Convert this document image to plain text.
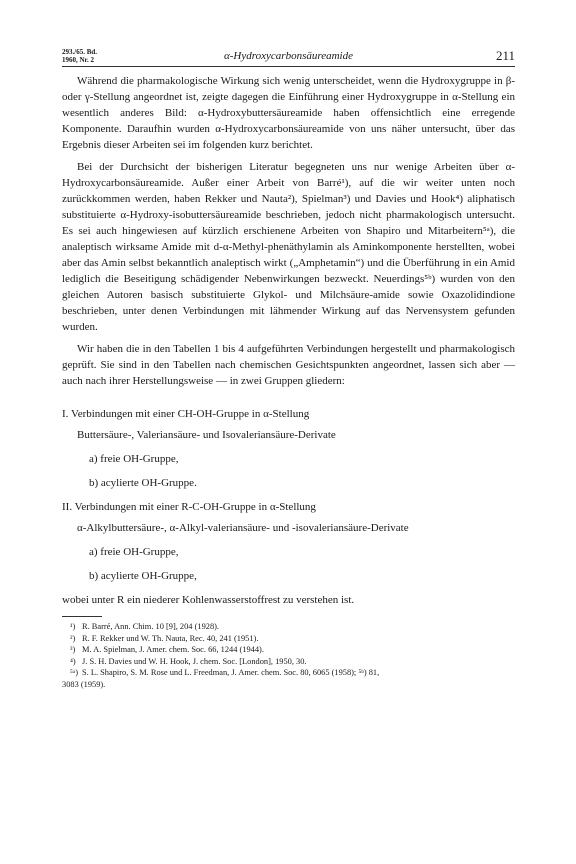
293./65. Bd.
1960, Nr. 2	α-Hydroxycarbonsäureamide	211

Während die pharmakologische Wirkung sich wenig unterscheidet, wenn die Hydroxygruppe in β- oder γ-Stellung angeordnet ist, zeigte dagegen die Einführung einer Hydroxygruppe in α-Stellung ein wesentlich anderes Bild: α-Hydroxybuttersäureamide haben offensichtlich eine erregende Komponente. Daraufhin wurden α-Hydroxycarbonsäureamide von uns näher untersucht, über das Ergebnis dieser Arbeiten sei im folgenden kurz berichtet.

Bei der Durchsicht der bisherigen Literatur begegneten uns nur wenige Arbeiten über α-Hydroxycarbonsäureamide. Außer einer Arbeit von Barré¹), auf die wir weiter unten noch zurückkommen werden, haben Rekker und Nauta²), Spielman³) und Davies und Hook⁴) aliphatisch substituierte α-Hydroxy-isobuttersäureamide beschrieben, jedoch nicht pharmakologisch untersucht. Es sei auch hingewiesen auf kürzlich erschienene Arbeiten von Shapiro und Mitarbeitern⁵ᵃ), die analeptisch wirksame Amide mit d-α-Methyl-phenäthylamin als Aminkomponente herstellten, wobei aber das Amin selbst bekanntlich analeptisch wirkt („Amphetamin“) und die Überführung in ein Amid lediglich die Beseitigung schädigender Nebenwirkungen bezweckt. Neuerdings⁵ᵇ) wurden von den gleichen Autoren basisch substituierte Glykol- und Milchsäure-amide sowie Oxazolidindione beschrieben, unter denen Verbindungen mit lähmender Wirkung auf das Nervensystem gefunden wurden.

Wir haben die in den Tabellen 1 bis 4 aufgeführten Verbindungen hergestellt und pharmakologisch geprüft. Sie sind in den Tabellen nach chemischen Gesichtspunkten angeordnet, lassen sich aber — auch nach ihrer Herstellungsweise — in zwei Gruppen gliedern:

I. Verbindungen mit einer CH-OH-Gruppe in α-Stellung
Buttersäure-, Valeriansäure- und Isovaleriansäure-Derivate
a) freie OH-Gruppe,
b) acylierte OH-Gruppe.
II. Verbindungen mit einer R-C-OH-Gruppe in α-Stellung
α-Alkylbuttersäure-, α-Alkyl-valeriansäure- und -isovaleriansäure-Derivate
a) freie OH-Gruppe,
b) acylierte OH-Gruppe,
wobei unter R ein niederer Kohlenwasserstoffrest zu verstehen ist.

¹) R. Barré, Ann. Chim. 10 [9], 204 (1928).

²) R. F. Rekker und W. Th. Nauta, Rec. 40, 241 (1951).

³) M. A. Spielman, J. Amer. chem. Soc. 66, 1244 (1944).

⁴) J. S. H. Davies und W. H. Hook, J. chem. Soc. [London], 1950, 30.

⁵ᵃ) S. L. Shapiro, S. M. Rose und L. Freedman, J. Amer. chem. Soc. 80, 6065 (1958); ⁵ᵇ) 81,

3083 (1959).
